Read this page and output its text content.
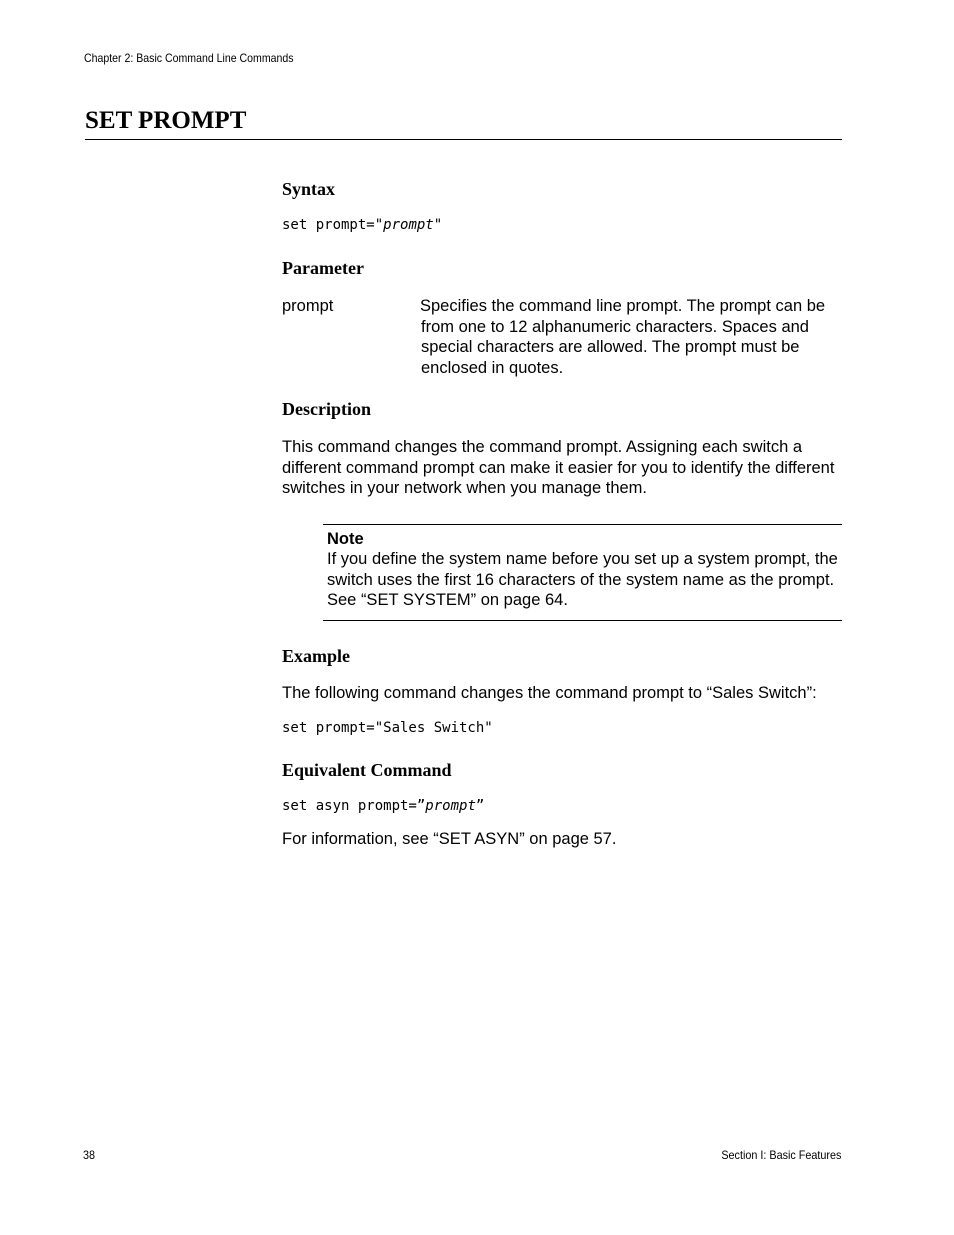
Chapter 2: Basic Command Line Commands
SET PROMPT
Syntax

set prompt="prompt"

Parameter
prompt	Specifies the command line prompt. The prompt can be from one to 12 alphanumeric characters. Spaces and special characters are allowed. The prompt must be enclosed in quotes.
Description

This command changes the command prompt. Assigning each switch a different command prompt can make it easier for you to identify the different switches in your network when you manage them.

Note
If you define the system name before you set up a system prompt, the switch uses the first 16 characters of the system name as the prompt. See “SET SYSTEM” on page 64.
Example

The following command changes the command prompt to “Sales Switch”:

set prompt="Sales Switch"

Equivalent Command

set asyn prompt=”prompt”

For information, see “SET ASYN” on page 57.

38	Section I: Basic Features
